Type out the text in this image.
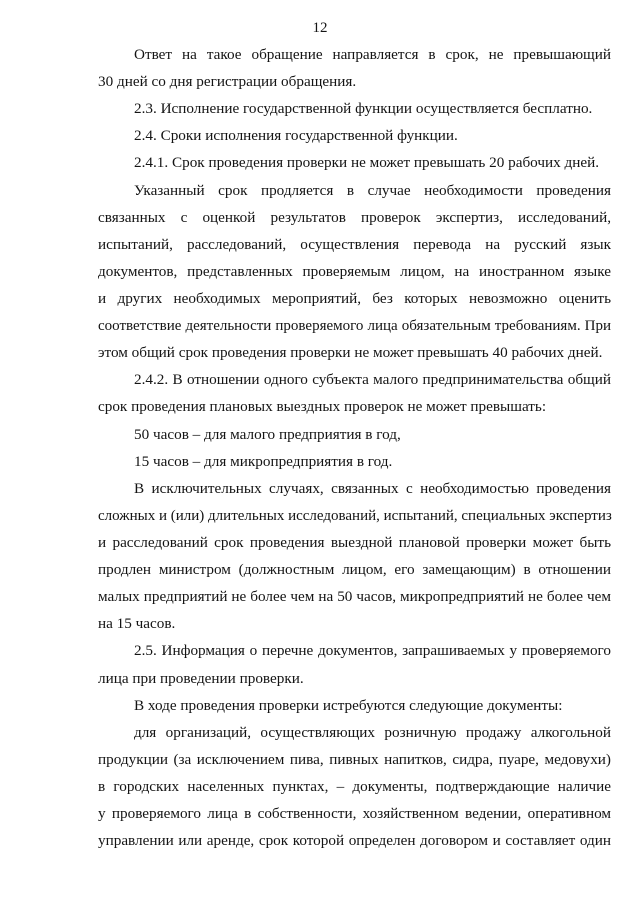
12
Ответ на такое обращение направляется в срок, не превышающий
30 дней со дня регистрации обращения.
2.3. Исполнение государственной функции осуществляется бесплатно.
2.4. Сроки исполнения государственной функции.
2.4.1. Срок проведения проверки не может превышать 20 рабочих дней.
Указанный срок продляется в случае необходимости проведения
связанных с оценкой результатов проверок экспертиз, исследований,
испытаний, расследований, осуществления перевода на русский язык
документов, представленных проверяемым лицом, на иностранном языке
и других необходимых мероприятий, без которых невозможно оценить
соответствие деятельности проверяемого лица обязательным требованиям. При
этом общий срок проведения проверки не может превышать 40 рабочих дней.
2.4.2. В отношении одного субъекта малого предпринимательства общий
срок проведения плановых выездных проверок не может превышать:
50 часов – для малого предприятия в год,
15 часов – для микропредприятия в год.
В исключительных случаях, связанных с необходимостью проведения
сложных и (или) длительных исследований, испытаний, специальных экспертиз
и расследований срок проведения выездной плановой проверки может быть
продлен министром (должностным лицом, его замещающим) в отношении
малых предприятий не более чем на 50 часов, микропредприятий не более чем
на 15 часов.
2.5. Информация о перечне документов, запрашиваемых у проверяемого
лица при проведении проверки.
В ходе проведения проверки истребуются следующие документы:
для организаций, осуществляющих розничную продажу алкогольной
продукции (за исключением пива, пивных напитков, сидра, пуаре, медовухи)
в городских населенных пунктах, – документы, подтверждающие наличие
у проверяемого лица в собственности, хозяйственном ведении, оперативном
управлении или аренде, срок которой определен договором и составляет один
